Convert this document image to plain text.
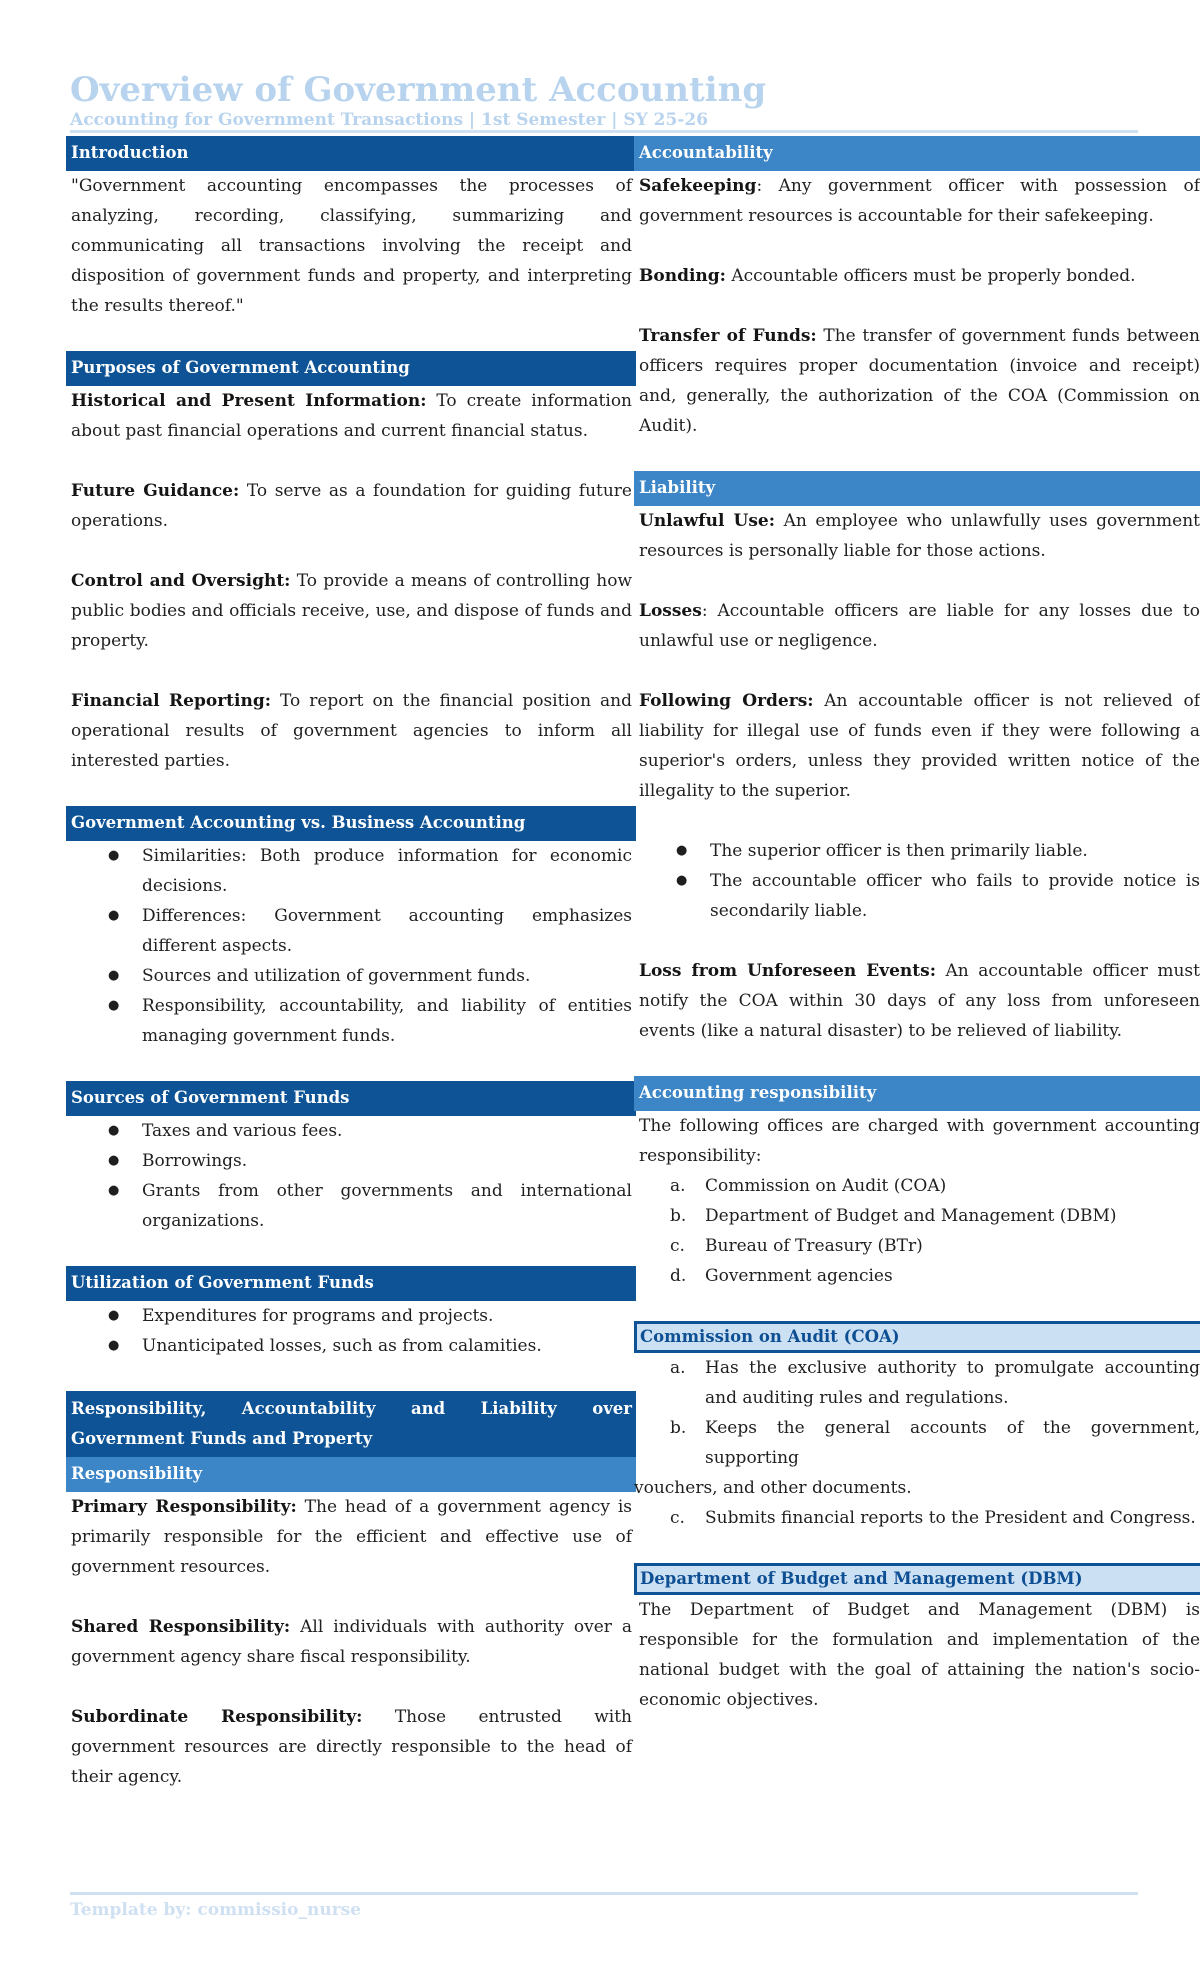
Overview of Government Accounting
Accounting for Government Transactions | 1st Semester | SY 25-26
Introduction

"Government accounting encompasses the processes of analyzing, recording, classifying, summarizing and communicating all transactions involving the receipt and disposition of government funds and property, and interpreting the results thereof."

Purposes of Government Accounting

Historical and Present Information: To create information about past financial operations and current financial status.

Future Guidance: To serve as a foundation for guiding future operations.

Control and Oversight: To provide a means of controlling how public bodies and officials receive, use, and dispose of funds and property.

Financial Reporting: To report on the financial position and operational results of government agencies to inform all interested parties.

Government Accounting vs. Business Accounting
● Similarities: Both produce information for economic decisions.
● Differences: Government accounting emphasizes different aspects.
● Sources and utilization of government funds.
● Responsibility, accountability, and liability of entities managing government funds.
Sources of Government Funds
● Taxes and various fees.
● Borrowings.
● Grants from other governments and international organizations.
Utilization of Government Funds
● Expenditures for programs and projects.
● Unanticipated losses, such as from calamities.
Responsibility, Accountability and Liability over Government Funds and Property
Responsibility

Primary Responsibility: The head of a government agency is primarily responsible for the efficient and effective use of government resources.

Shared Responsibility: All individuals with authority over a government agency share fiscal responsibility.

Subordinate Responsibility: Those entrusted with government resources are directly responsible to the head of their agency.

Accountability

Safekeeping: Any government officer with possession of government resources is accountable for their safekeeping.

Bonding: Accountable officers must be properly bonded.

Transfer of Funds: The transfer of government funds between officers requires proper documentation (invoice and receipt) and, generally, the authorization of the COA (Commission on Audit).

Liability

Unlawful Use: An employee who unlawfully uses government resources is personally liable for those actions.

Losses: Accountable officers are liable for any losses due to unlawful use or negligence.

Following Orders: An accountable officer is not relieved of liability for illegal use of funds even if they were following a superior's orders, unless they provided written notice of the illegality to the superior.

● The superior officer is then primarily liable.
● The accountable officer who fails to provide notice is secondarily liable.

Loss from Unforeseen Events: An accountable officer must notify the COA within 30 days of any loss from unforeseen events (like a natural disaster) to be relieved of liability.

Accounting responsibility

The following offices are charged with government accounting responsibility:

a. Commission on Audit (COA)
b. Department of Budget and Management (DBM)
c. Bureau of Treasury (BTr)
d. Government agencies
Commission on Audit (COA)
a. Has the exclusive authority to promulgate accounting and auditing rules and regulations.
b. Keeps the general accounts of the government, supporting

vouchers, and other documents.

c. Submits financial reports to the President and Congress.
Department of Budget and Management (DBM)

The Department of Budget and Management (DBM) is responsible for the formulation and implementation of the national budget with the goal of attaining the nation's socio-economic objectives.

Template by: commissio_nurse
